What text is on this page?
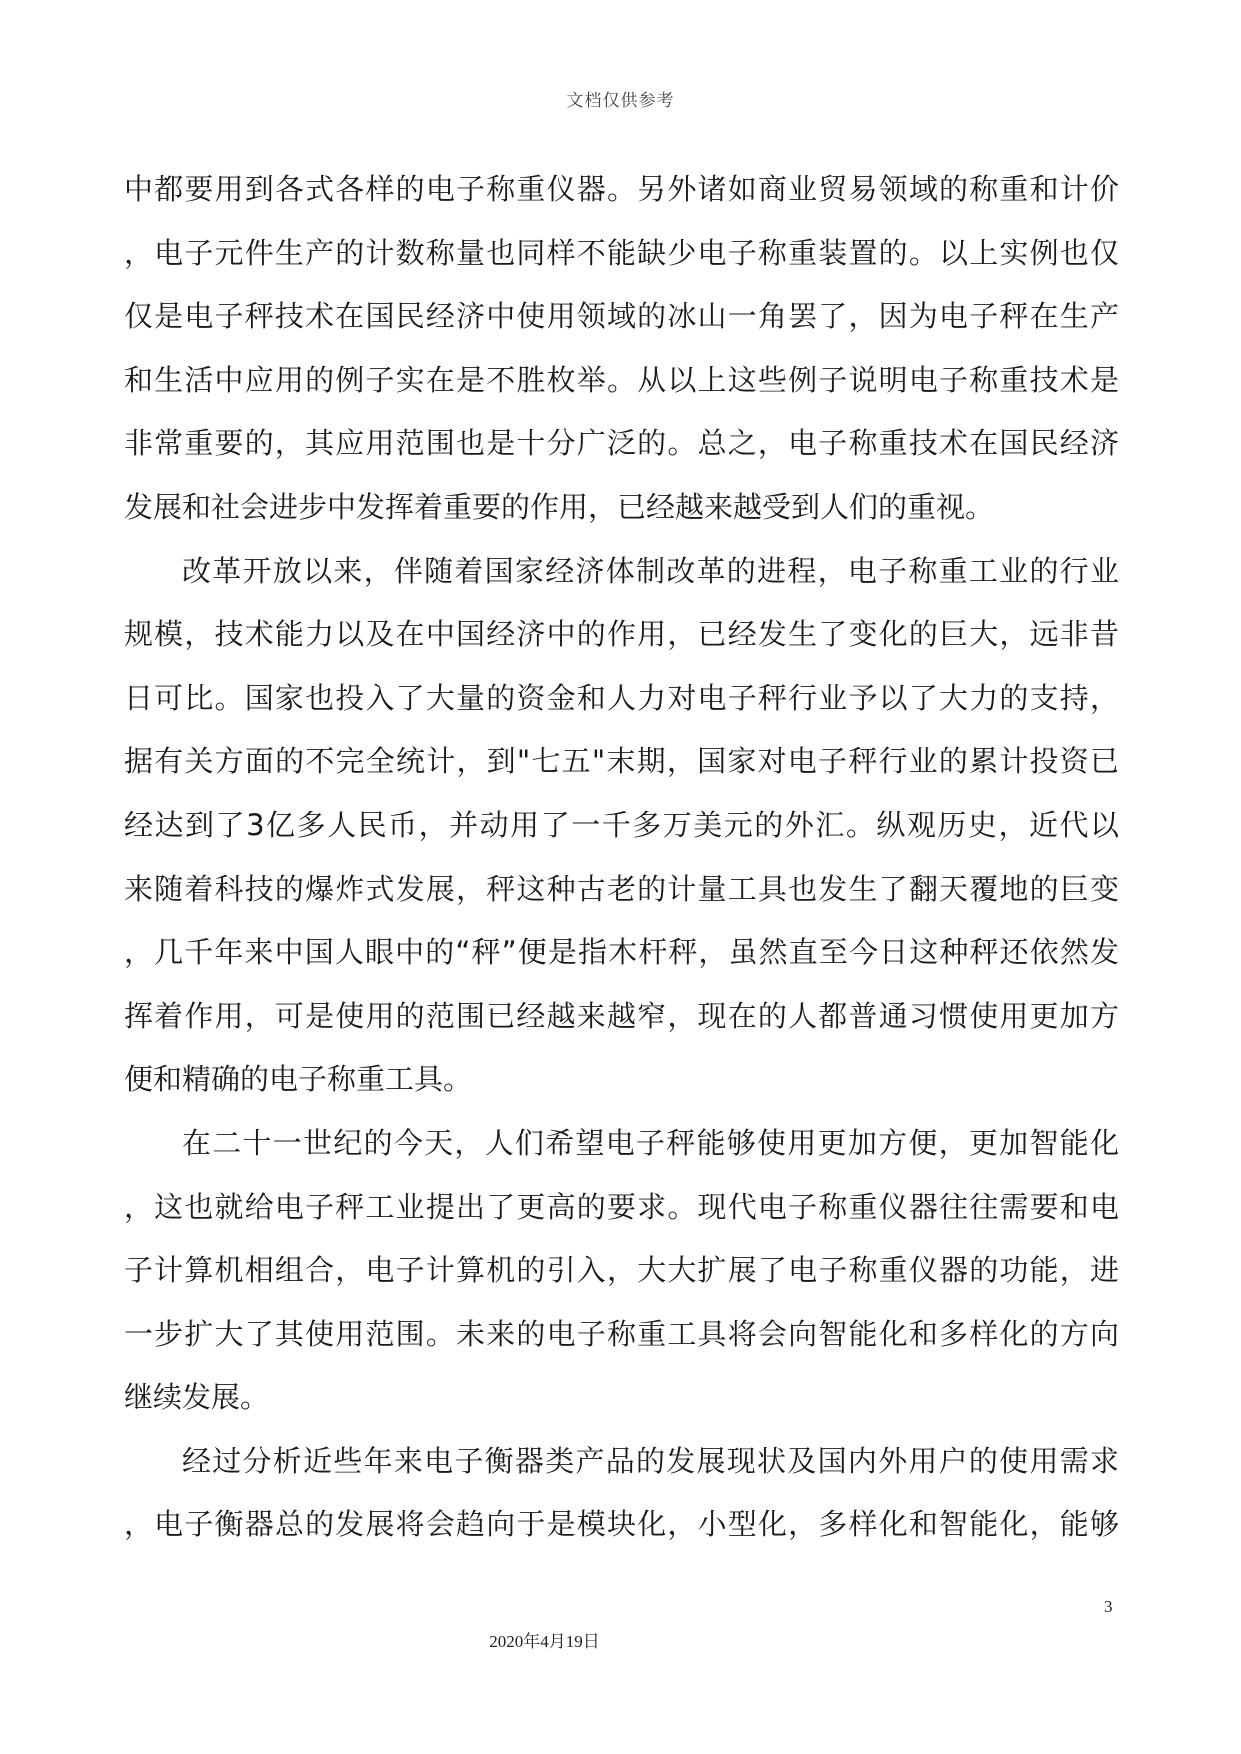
文档仅供参考
中都要用到各式各样的电子称重仪器。另外诸如商业贸易领域的称重和计价
，电子元件生产的计数称量也同样不能缺少电子称重装置的。以上实例也仅
仅是电子秤技术在国民经济中使用领域的冰山一角罢了，因为电子秤在生产
和生活中应用的例子实在是不胜枚举。从以上这些例子说明电子称重技术是
非常重要的，其应用范围也是十分广泛的。总之，电子称重技术在国民经济
发展和社会进步中发挥着重要的作用，已经越来越受到人们的重视。
改革开放以来，伴随着国家经济体制改革的进程，电子称重工业的行业
规模，技术能力以及在中国经济中的作用，已经发生了变化的巨大，远非昔
日可比。国家也投入了大量的资金和人力对电子秤行业予以了大力的支持，
据有关方面的不完全统计，到"七五"末期，国家对电子秤行业的累计投资已
经达到了3亿多人民币，并动用了一千多万美元的外汇。纵观历史，近代以
来随着科技的爆炸式发展，秤这种古老的计量工具也发生了翻天覆地的巨变
，几千年来中国人眼中的“秤”便是指木杆秤，虽然直至今日这种秤还依然发
挥着作用，可是使用的范围已经越来越窄，现在的人都普通习惯使用更加方
便和精确的电子称重工具。
在二十一世纪的今天，人们希望电子秤能够使用更加方便，更加智能化
，这也就给电子秤工业提出了更高的要求。现代电子称重仪器往往需要和电
子计算机相组合，电子计算机的引入，大大扩展了电子称重仪器的功能，进
一步扩大了其使用范围。未来的电子称重工具将会向智能化和多样化的方向
继续发展。
经过分析近些年来电子衡器类产品的发展现状及国内外用户的使用需求
，电子衡器总的发展将会趋向于是模块化，小型化，多样化和智能化，能够
3
2020年4月19日
